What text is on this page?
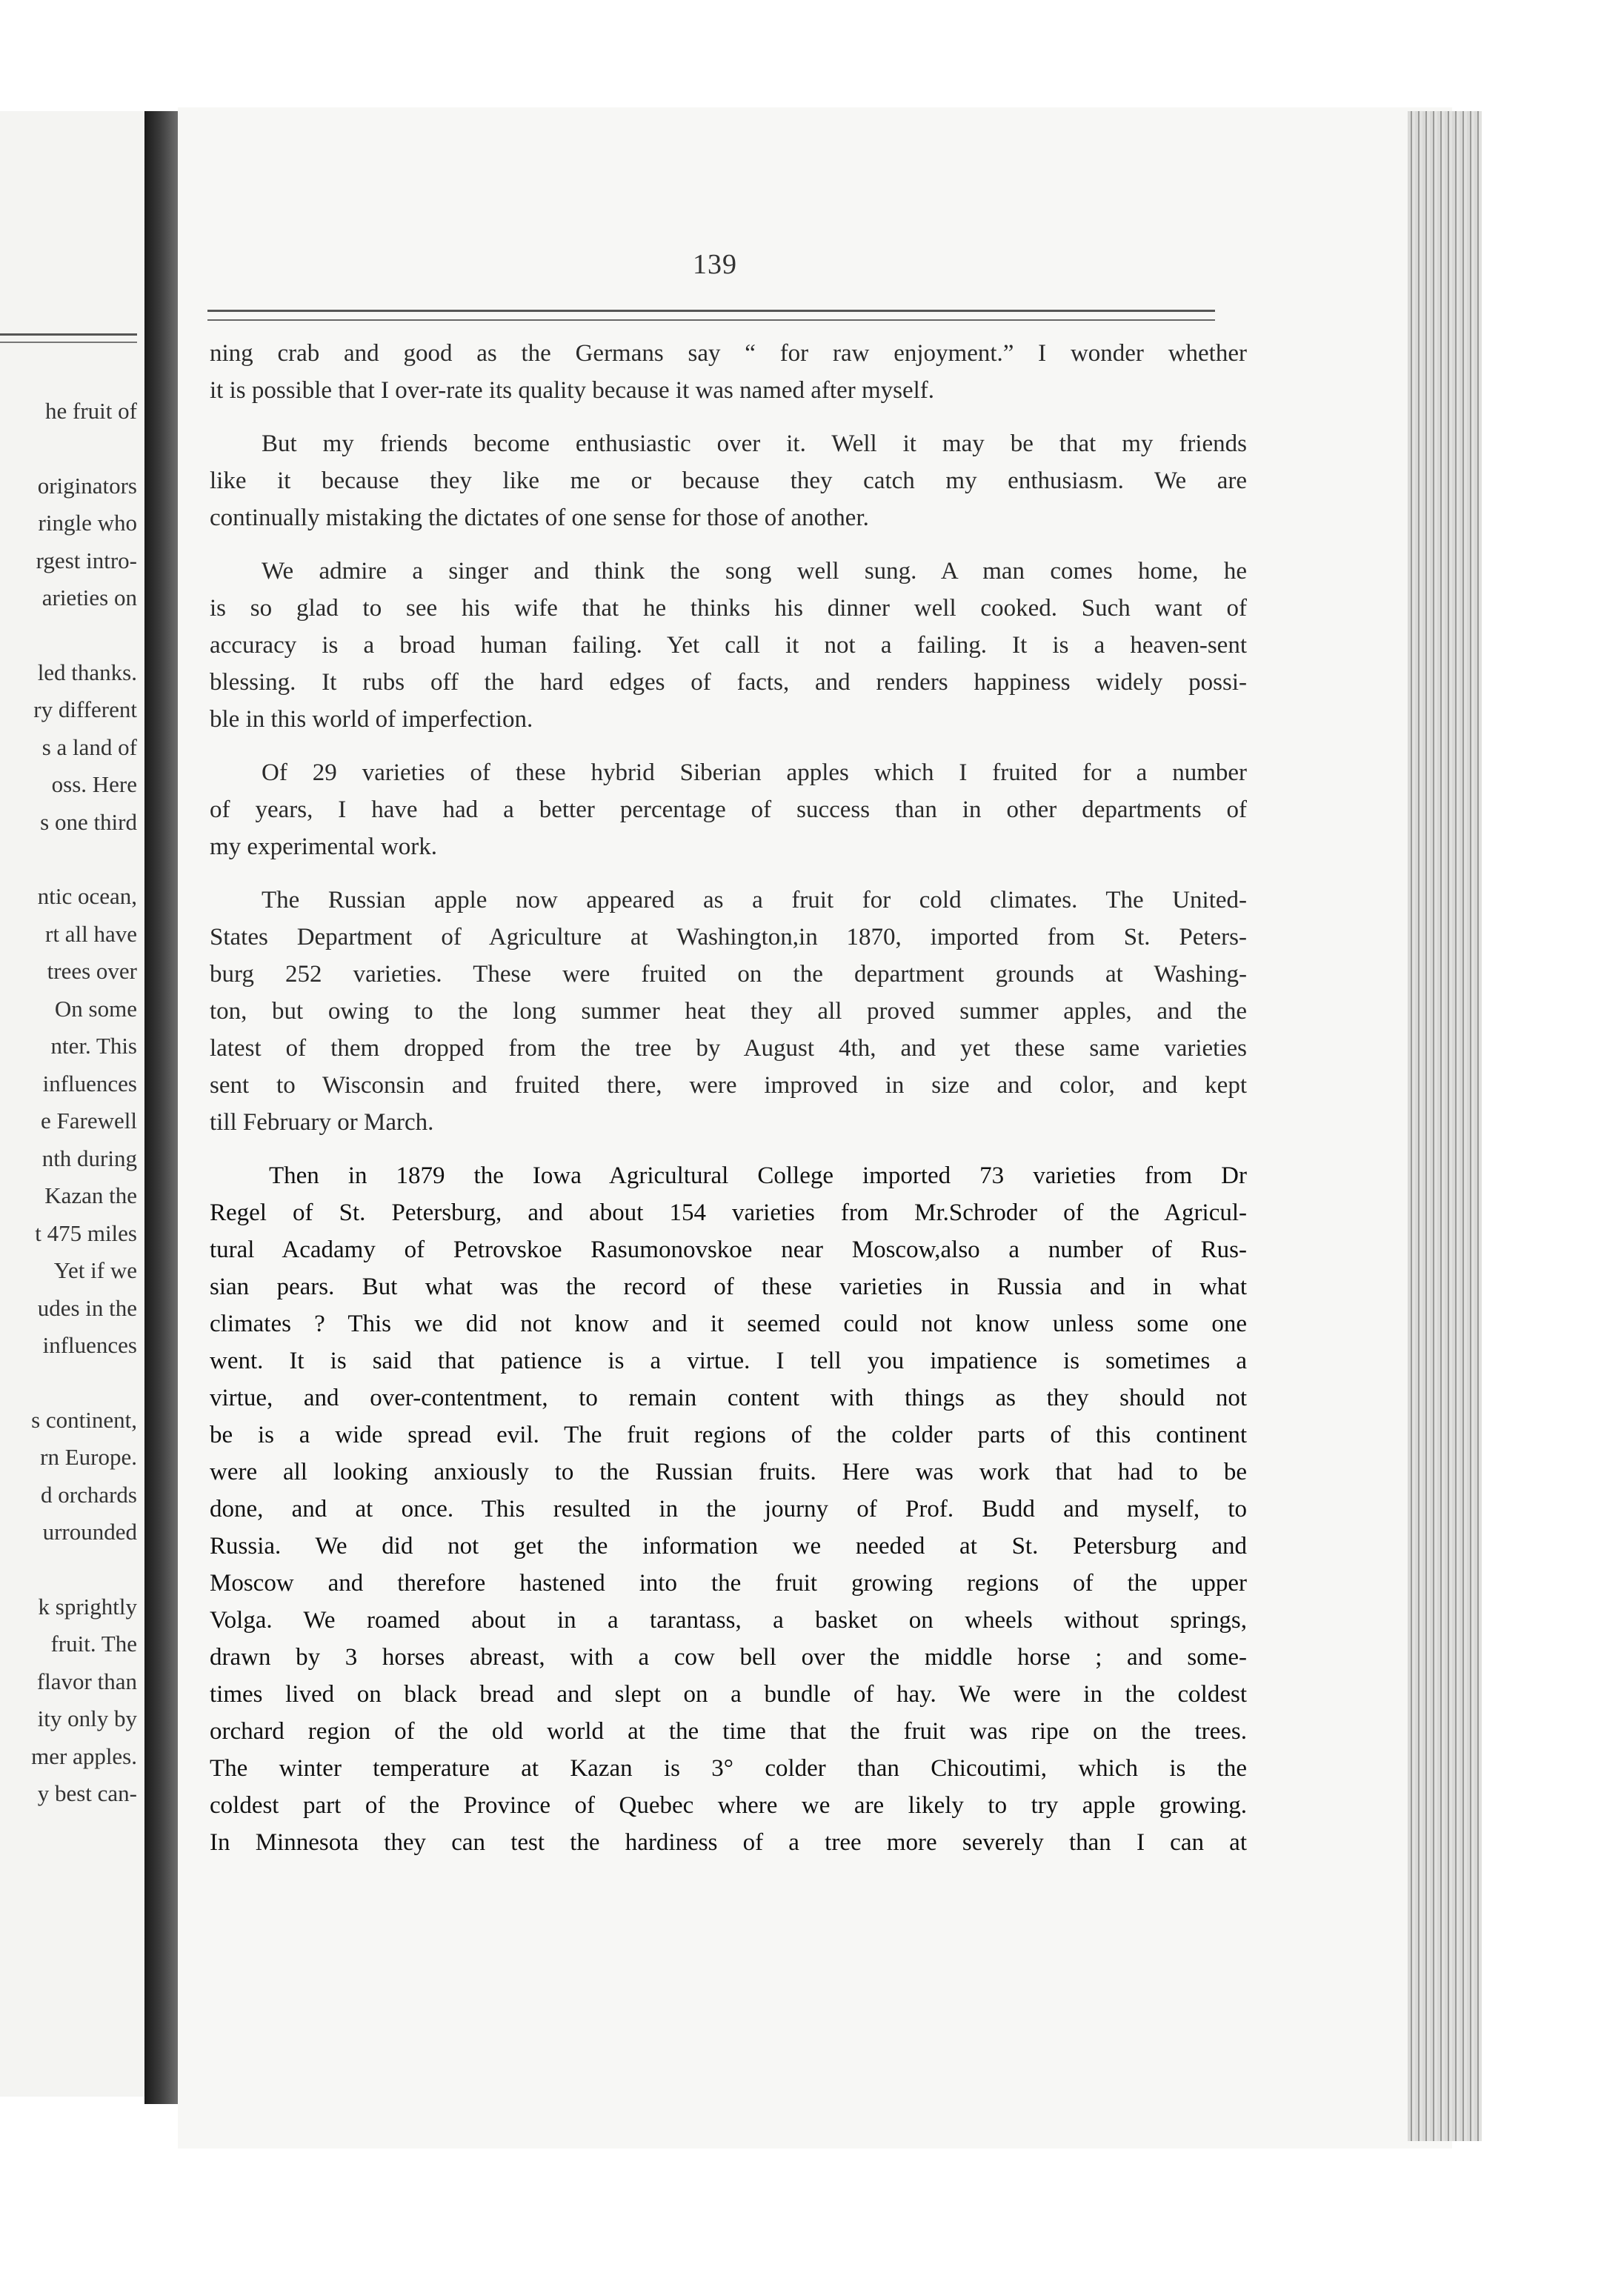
he fruit of
originators
ringle who
rgest intro-
arieties on
led thanks.
ry different
s a land of
oss. Here
s one third
ntic ocean,
rt all have
trees over
On some
nter. This
influences
e Farewell
nth during
Kazan the
t 475 miles
Yet if we
udes in the
influences
s continent,
rn Europe.
d orchards
urrounded
k sprightly
fruit. The
flavor than
ity only by
mer apples.
y best can-
139

ning crab and good as the Germans say “ for raw enjoyment.” I wonder whether
it is possible that I over-rate its quality because it was named after myself.

But my friends become enthusiastic over it. Well it may be that my friends
like it because they like me or because they catch my enthusiasm. We are
continually mistaking the dictates of one sense for those of another.

We admire a singer and think the song well sung. A man comes home, he
is so glad to see his wife that he thinks his dinner well cooked. Such want of
accuracy is a broad human failing. Yet call it not a failing. It is a heaven-sent
blessing. It rubs off the hard edges of facts, and renders happiness widely possi-
ble in this world of imperfection.

Of 29 varieties of these hybrid Siberian apples which I fruited for a number
of years, I have had a better percentage of success than in other departments of
my experimental work.

The Russian apple now appeared as a fruit for cold climates. The United-
States Department of Agriculture at Washington,in 1870, imported from St. Peters-
burg 252 varieties. These were fruited on the department grounds at Washing-
ton, but owing to the long summer heat they all proved summer apples, and the
latest of them dropped from the tree by August 4th, and yet these same varieties
sent to Wisconsin and fruited there, were improved in size and color, and kept
till February or March.

Then in 1879 the Iowa Agricultural College imported 73 varieties from Dr
Regel of St. Petersburg, and about 154 varieties from Mr.Schroder of the Agricul-
tural Acadamy of Petrovskoe Rasumonovskoe near Moscow,also a number of Rus-
sian pears. But what was the record of these varieties in Russia and in what
climates ? This we did not know and it seemed could not know unless some one
went. It is said that patience is a virtue. I tell you impatience is sometimes a
virtue, and over-contentment, to remain content with things as they should not
be is a wide spread evil. The fruit regions of the colder parts of this continent
were all looking anxiously to the Russian fruits. Here was work that had to be
done, and at once. This resulted in the journy of Prof. Budd and myself, to
Russia. We did not get the information we needed at St. Petersburg and
Moscow and therefore hastened into the fruit growing regions of the upper
Volga. We roamed about in a tarantass, a basket on wheels without springs,
drawn by 3 horses abreast, with a cow bell over the middle horse ; and some-
times lived on black bread and slept on a bundle of hay. We were in the coldest
orchard region of the old world at the time that the fruit was ripe on the trees.
The winter temperature at Kazan is 3° colder than Chicoutimi, which is the
coldest part of the Province of Quebec where we are likely to try apple growing.
In Minnesota they can test the hardiness of a tree more severely than I can at
